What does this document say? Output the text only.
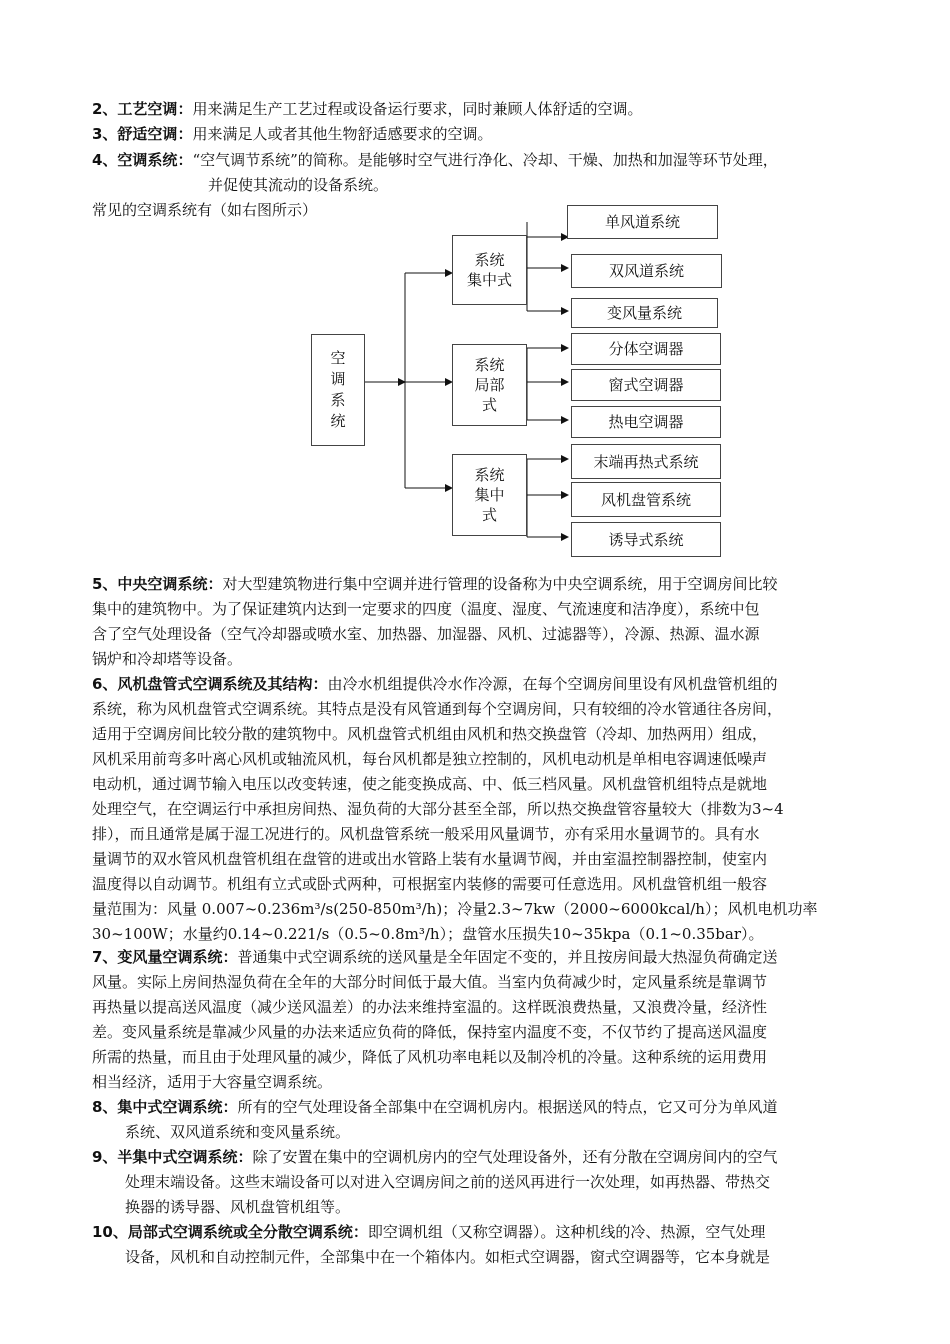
2、工艺空调：用来满足生产工艺过程或设备运行要求，同时兼顾人体舒适的空调。
3、舒适空调：用来满足人或者其他生物舒适感要求的空调。
4、空调系统：“空气调节系统”的简称。是能够时空气进行净化、冷却、干燥、加热和加湿等环节处理，
并促使其流动的设备系统。
常见的空调系统有（如右图所示）
空
调
系
统
系统
集中式
系统
局部
式
系统
集中
式
单风道系统
双风道系统
变风量系统
分体空调器
窗式空调器
热电空调器
末端再热式系统
风机盘管系统
诱导式系统
5、中央空调系统：对大型建筑物进行集中空调并进行管理的设备称为中央空调系统，用于空调房间比较
集中的建筑物中。为了保证建筑内达到一定要求的四度（温度、湿度、气流速度和洁净度），系统中包
含了空气处理设备（空气冷却器或喷水室、加热器、加湿器、风机、过滤器等），冷源、热源、温水源
锅炉和冷却塔等设备。
6、风机盘管式空调系统及其结构：由冷水机组提供冷水作冷源，在每个空调房间里设有风机盘管机组的
系统，称为风机盘管式空调系统。其特点是没有风管通到每个空调房间，只有较细的冷水管通往各房间，
适用于空调房间比较分散的建筑物中。风机盘管式机组由风机和热交换盘管（冷却、加热两用）组成，
风机采用前弯多叶离心风机或轴流风机，每台风机都是独立控制的，风机电动机是单相电容调速低噪声
电动机，通过调节输入电压以改变转速，使之能变换成高、中、低三档风量。风机盘管机组特点是就地
处理空气，在空调运行中承担房间热、湿负荷的大部分甚至全部，所以热交换盘管容量较大（排数为3~4
排），而且通常是属于湿工况进行的。风机盘管系统一般采用风量调节，亦有采用水量调节的。具有水
量调节的双水管风机盘管机组在盘管的进或出水管路上装有水量调节阀，并由室温控制器控制，使室内
温度得以自动调节。机组有立式或卧式两种，可根据室内装修的需要可任意选用。风机盘管机组一般容
量范围为：风量 0.007~0.236m³/s(250-850m³/h)；冷量2.3~7kw（2000~6000kcal/h）；风机电机功率
30~100W；水量约0.14~0.221/s（0.5~0.8m³/h）；盘管水压损失10~35kpa（0.1~0.35bar）。
7、变风量空调系统：普通集中式空调系统的送风量是全年固定不变的，并且按房间最大热湿负荷确定送
风量。实际上房间热湿负荷在全年的大部分时间低于最大值。当室内负荷减少时，定风量系统是靠调节
再热量以提高送风温度（减少送风温差）的办法来维持室温的。这样既浪费热量，又浪费冷量，经济性
差。变风量系统是靠减少风量的办法来适应负荷的降低，保持室内温度不变，不仅节约了提高送风温度
所需的热量，而且由于处理风量的减少，降低了风机功率电耗以及制冷机的冷量。这种系统的运用费用
相当经济，适用于大容量空调系统。
8、集中式空调系统：所有的空气处理设备全部集中在空调机房内。根据送风的特点，它又可分为单风道
系统、双风道系统和变风量系统。
9、半集中式空调系统：除了安置在集中的空调机房内的空气处理设备外，还有分散在空调房间内的空气
处理末端设备。这些末端设备可以对进入空调房间之前的送风再进行一次处理，如再热器、带热交
换器的诱导器、风机盘管机组等。
10、局部式空调系统或全分散空调系统：即空调机组（又称空调器）。这种机线的冷、热源，空气处理
设备，风机和自动控制元件，全部集中在一个箱体内。如柜式空调器，窗式空调器等，它本身就是
